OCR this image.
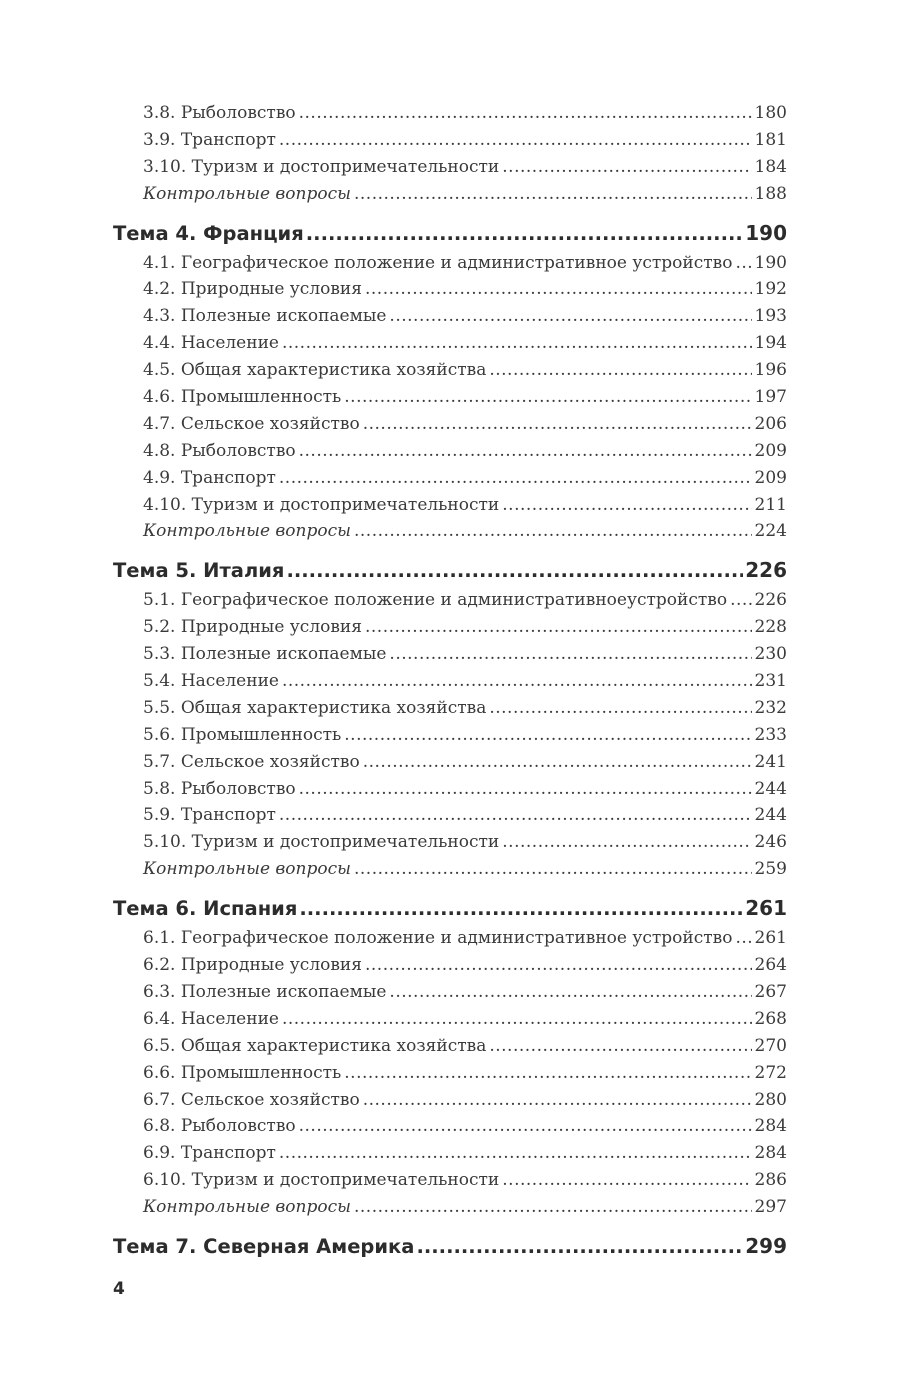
3.8. Рыболовство .....	180
3.9. Транспорт .....	181
3.10. Туризм и достопримечательности .....	184
Контрольные вопросы .....	188
Тема 4. Франция .....	190
4.1. Географическое положение и административное устройство ..... 190
4.2. Природные условия .....	192
4.3. Полезные ископаемые .....	193
4.4. Население .....	194
4.5. Общая характеристика хозяйства .....	196
4.6. Промышленность .....	197
4.7. Сельское хозяйство .....	206
4.8. Рыболовство .....	209
4.9. Транспорт .....	209
4.10. Туризм и достопримечательности .....	211
Контрольные вопросы .....	224
Тема 5. Италия .....	226
5.1. Географическое положение и административноеустройство ..... 226
5.2. Природные условия .....	228
5.3. Полезные ископаемые .....	230
5.4. Население .....	231
5.5. Общая характеристика хозяйства .....	232
5.6. Промышленность .....	233
5.7. Сельское хозяйство .....	241
5.8. Рыболовство .....	244
5.9. Транспорт .....	244
5.10. Туризм и достопримечательности .....	246
Контрольные вопросы .....	259
Тема 6. Испания .....	261
6.1. Географическое положение и административное устройство ..... 261
6.2. Природные условия .....	264
6.3. Полезные ископаемые .....	267
6.4. Население .....	268
6.5. Общая характеристика хозяйства .....	270
6.6. Промышленность .....	272
6.7. Сельское хозяйство .....	280
6.8. Рыболовство .....	284
6.9. Транспорт .....	284
6.10. Туризм и достопримечательности .....	286
Контрольные вопросы .....	297
Тема 7. Северная Америка .....	299
4
